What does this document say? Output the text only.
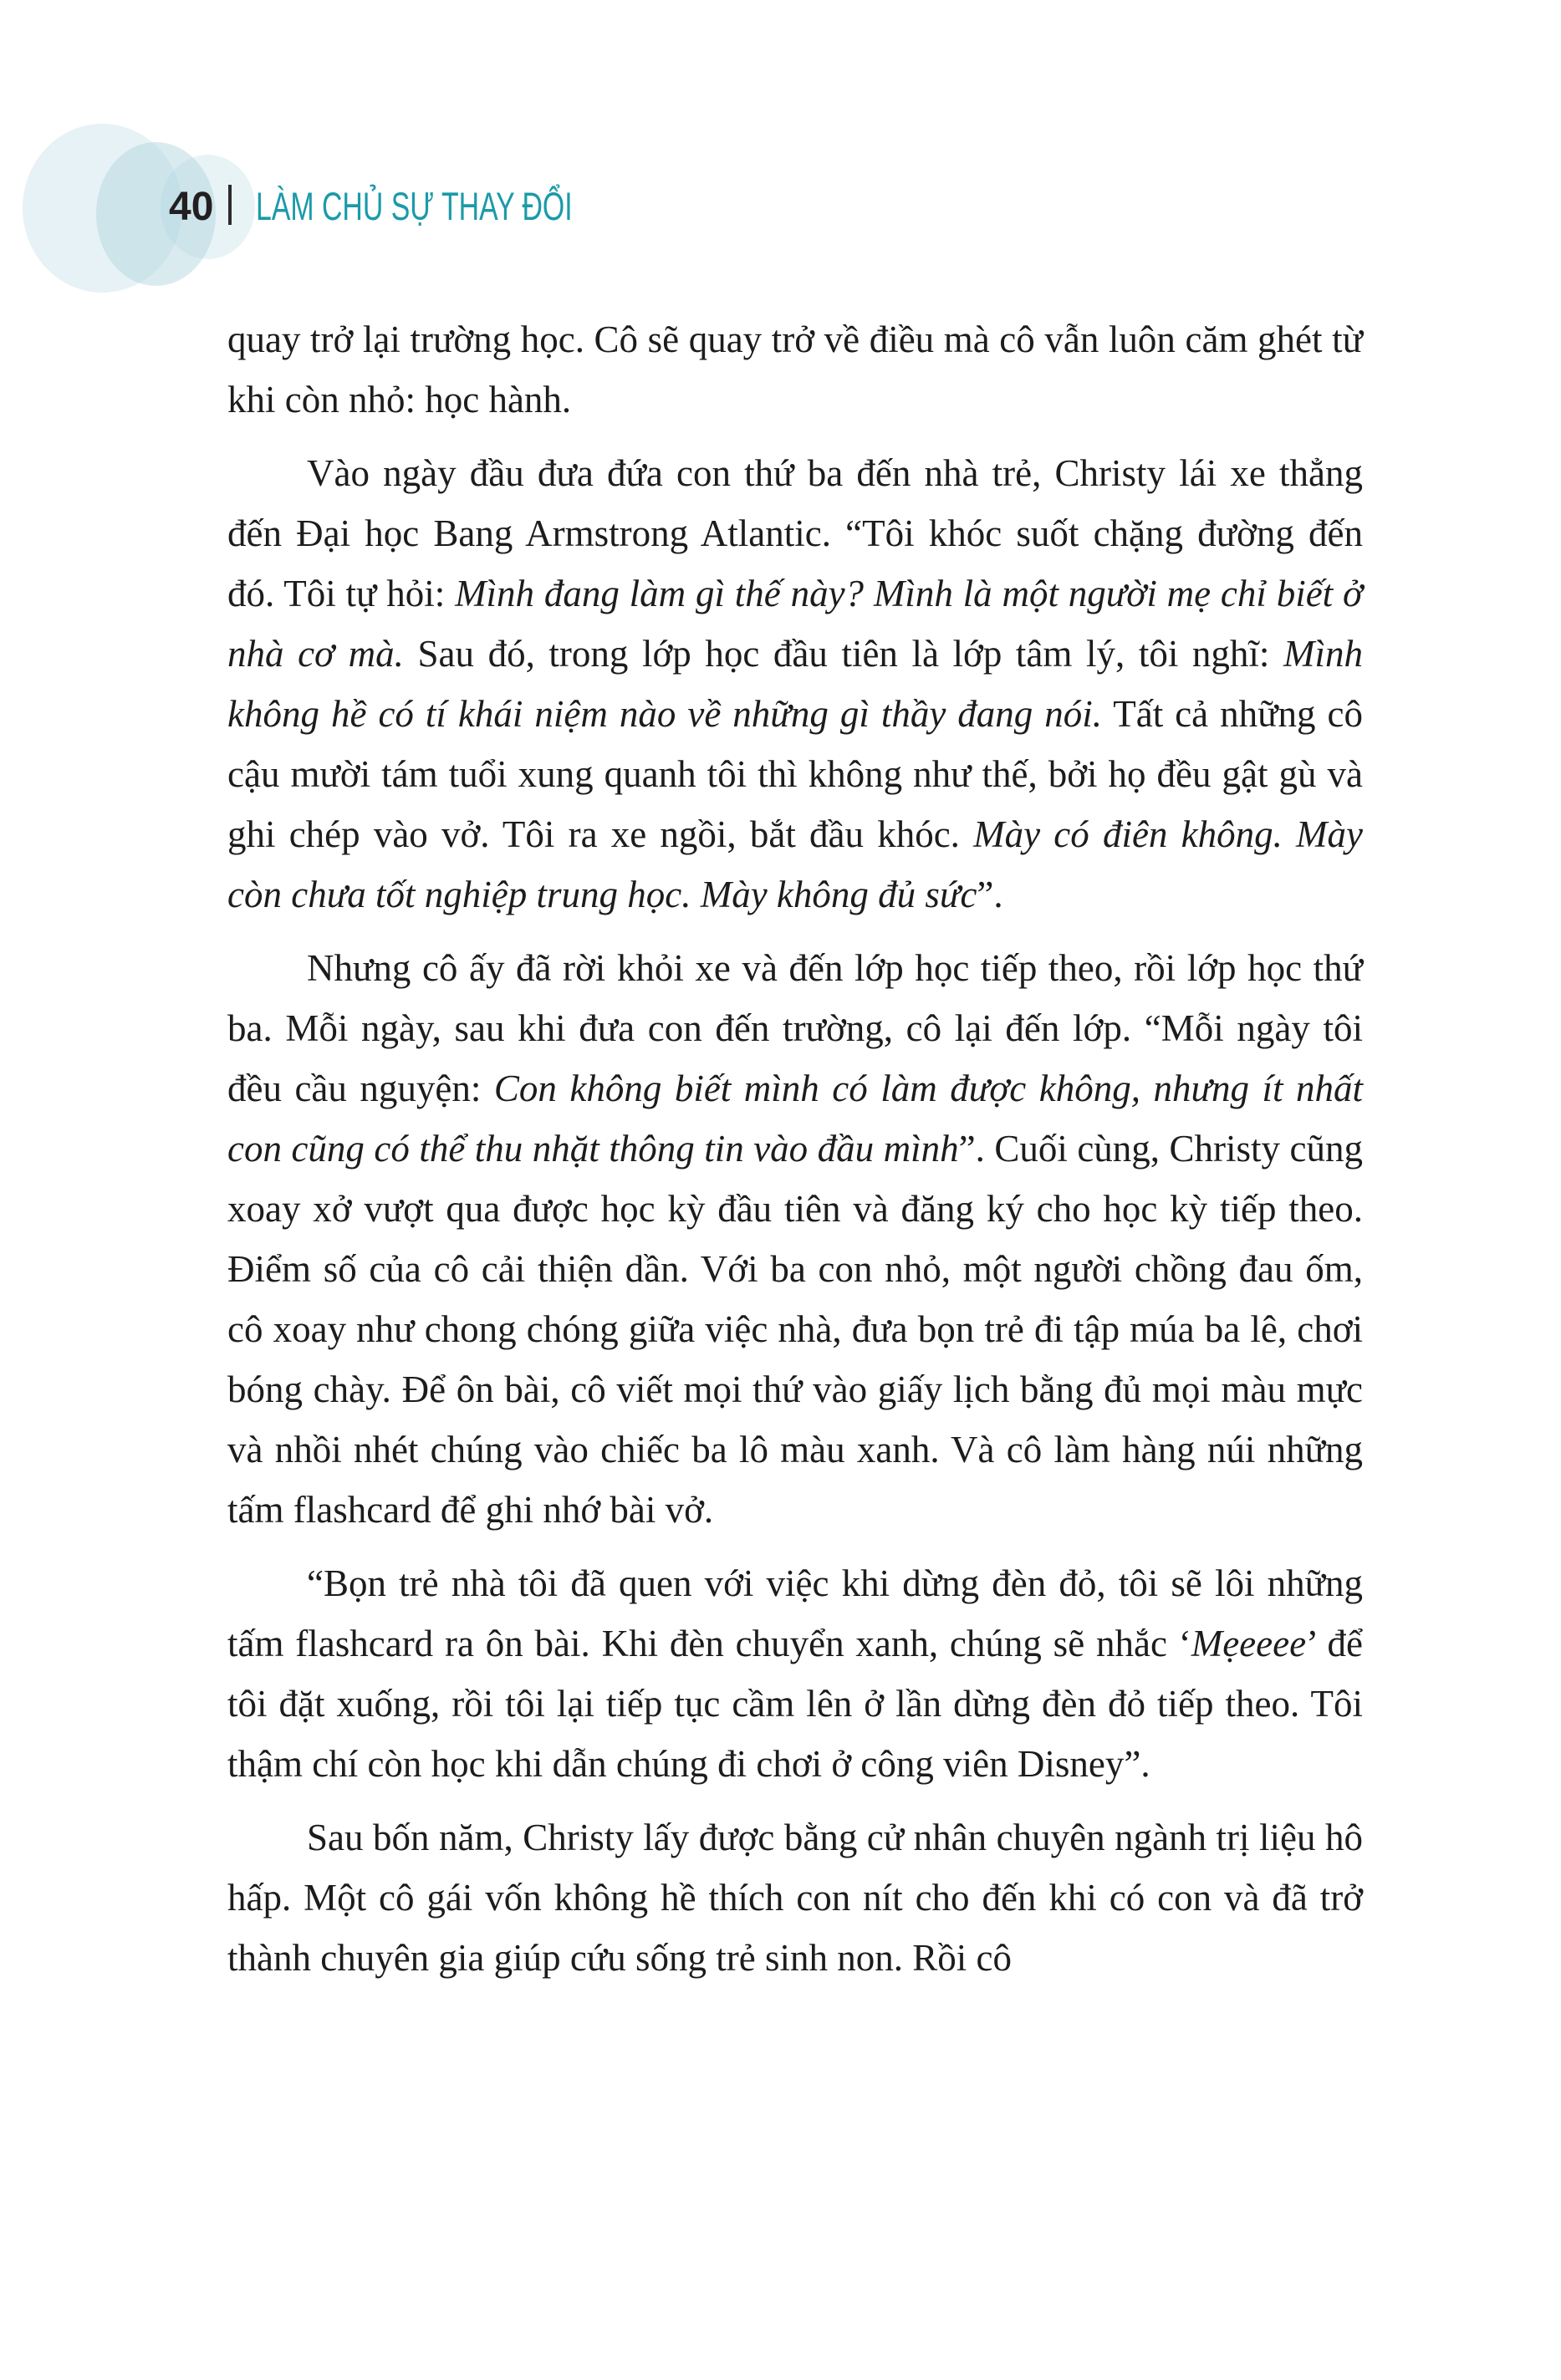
40 LÀM CHỦ SỰ THAY ĐỔI

quay trở lại trường học. Cô sẽ quay trở về điều mà cô vẫn luôn căm ghét từ khi còn nhỏ: học hành.

Vào ngày đầu đưa đứa con thứ ba đến nhà trẻ, Christy lái xe thẳng đến Đại học Bang Armstrong Atlantic. “Tôi khóc suốt chặng đường đến đó. Tôi tự hỏi: Mình đang làm gì thế này? Mình là một người mẹ chỉ biết ở nhà cơ mà. Sau đó, trong lớp học đầu tiên là lớp tâm lý, tôi nghĩ: Mình không hề có tí khái niệm nào về những gì thầy đang nói. Tất cả những cô cậu mười tám tuổi xung quanh tôi thì không như thế, bởi họ đều gật gù và ghi chép vào vở. Tôi ra xe ngồi, bắt đầu khóc. Mày có điên không. Mày còn chưa tốt nghiệp trung học. Mày không đủ sức”.

Nhưng cô ấy đã rời khỏi xe và đến lớp học tiếp theo, rồi lớp học thứ ba. Mỗi ngày, sau khi đưa con đến trường, cô lại đến lớp. “Mỗi ngày tôi đều cầu nguyện: Con không biết mình có làm được không, nhưng ít nhất con cũng có thể thu nhặt thông tin vào đầu mình”. Cuối cùng, Christy cũng xoay xở vượt qua được học kỳ đầu tiên và đăng ký cho học kỳ tiếp theo. Điểm số của cô cải thiện dần. Với ba con nhỏ, một người chồng đau ốm, cô xoay như chong chóng giữa việc nhà, đưa bọn trẻ đi tập múa ba lê, chơi bóng chày. Để ôn bài, cô viết mọi thứ vào giấy lịch bằng đủ mọi màu mực và nhồi nhét chúng vào chiếc ba lô màu xanh. Và cô làm hàng núi những tấm flashcard để ghi nhớ bài vở.

“Bọn trẻ nhà tôi đã quen với việc khi dừng đèn đỏ, tôi sẽ lôi những tấm flashcard ra ôn bài. Khi đèn chuyển xanh, chúng sẽ nhắc ‘Mẹeeee’ để tôi đặt xuống, rồi tôi lại tiếp tục cầm lên ở lần dừng đèn đỏ tiếp theo. Tôi thậm chí còn học khi dẫn chúng đi chơi ở công viên Disney”.

Sau bốn năm, Christy lấy được bằng cử nhân chuyên ngành trị liệu hô hấp. Một cô gái vốn không hề thích con nít cho đến khi có con và đã trở thành chuyên gia giúp cứu sống trẻ sinh non. Rồi cô
